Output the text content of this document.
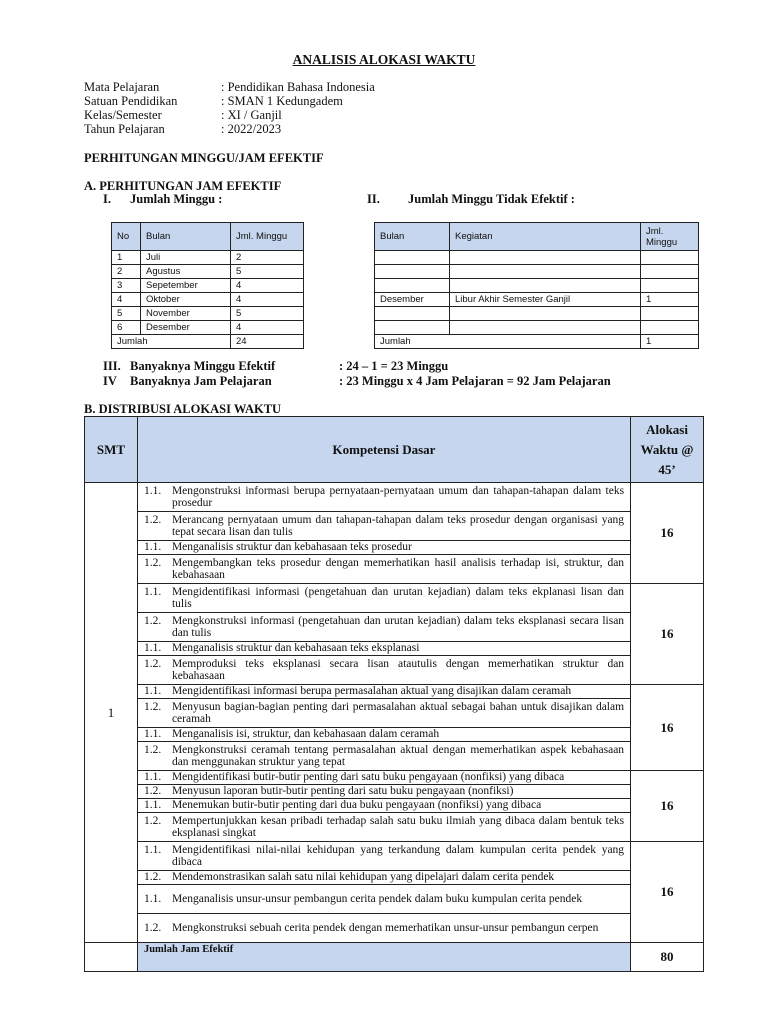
ANALISIS ALOKASI WAKTU
Mata Pelajaran	: Pendidikan Bahasa Indonesia
Satuan Pendidikan	: SMAN 1 Kedungadem
Kelas/Semester	: XI / Ganjil
Tahun Pelajaran	: 2022/2023
PERHITUNGAN MINGGU/JAM EFEKTIF
A. PERHITUNGAN JAM EFEKTIF
I.	Jumlah Minggu :	II.	Jumlah Minggu Tidak Efektif :
No	Bulan	Jml. Minggu
1	Juli	2
2	Agustus	5
3	Sepetember	4
4	Oktober	4
5	November	5
6	Desember	4
Jumlah		24
Bulan	Kegiatan	Jml. Minggu

Desember	Libur Akhir Semester Ganjil	1

Jumlah		1
III. Banyaknya Minggu Efektif	: 24 – 1 = 23 Minggu
IV	Banyaknya Jam Pelajaran	: 23 Minggu x 4 Jam Pelajaran = 92 Jam Pelajaran
B. DISTRIBUSI ALOKASI WAKTU
SMT	Kompetensi Dasar	Alokasi Waktu @ 45’
1	1.1. Mengonstruksi informasi berupa pernyataan-pernyataan umum dan tahapan-tahapan dalam teks prosedur	16

	1.2. Merancang pernyataan umum dan tahapan-tahapan dalam teks prosedur dengan organisasi yang tepat secara lisan dan tulis	

	1.1. Menganalisis struktur dan kebahasaan teks prosedur	

	1.2. Mengembangkan teks prosedur dengan memerhatikan hasil analisis terhadap isi, struktur, dan kebahasaan	

	1.1. Mengidentifikasi informasi (pengetahuan dan urutan kejadian) dalam teks ekplanasi lisan dan tulis	16

	1.2. Mengkonstruksi informasi (pengetahuan dan urutan kejadian) dalam teks eksplanasi secara lisan dan tulis	

	1.1. Menganalisis struktur dan kebahasaan teks eksplanasi	

	1.2. Memproduksi teks eksplanasi secara lisan atautulis dengan memerhatikan struktur dan kebahasaan	

	1.1. Mengidentifikasi informasi berupa permasalahan aktual yang disajikan dalam ceramah	16

	1.2. Menyusun bagian-bagian penting dari permasalahan aktual sebagai bahan untuk disajikan dalam ceramah	

	1.1. Menganalisis isi, struktur, dan kebahasaan dalam ceramah	

	1.2. Mengkonstruksi ceramah tentang permasalahan aktual dengan memerhatikan aspek kebahasaan dan menggunakan struktur yang tepat	

	1.1. Mengidentifikasi butir-butir penting dari satu buku pengayaan (nonfiksi) yang dibaca	16

	1.2. Menyusun laporan butir-butir penting dari satu buku pengayaan (nonfiksi)	

	1.1. Menemukan butir-butir penting dari dua buku pengayaan (nonfiksi) yang dibaca	

	1.2. Mempertunjukkan kesan pribadi terhadap salah satu buku ilmiah yang dibaca dalam bentuk teks eksplanasi singkat	

	1.1. Mengidentifikasi nilai-nilai kehidupan yang terkandung dalam kumpulan cerita pendek yang dibaca	16

	1.2. Mendemonstrasikan salah satu nilai kehidupan yang dipelajari dalam cerita pendek	

	1.1. Menganalisis unsur-unsur pembangun cerita pendek dalam buku kumpulan cerita pendek	

	1.2. Mengkonstruksi sebuah cerita pendek dengan memerhatikan unsur-unsur pembangun cerpen	

	Jumlah Jam Efektif	80
